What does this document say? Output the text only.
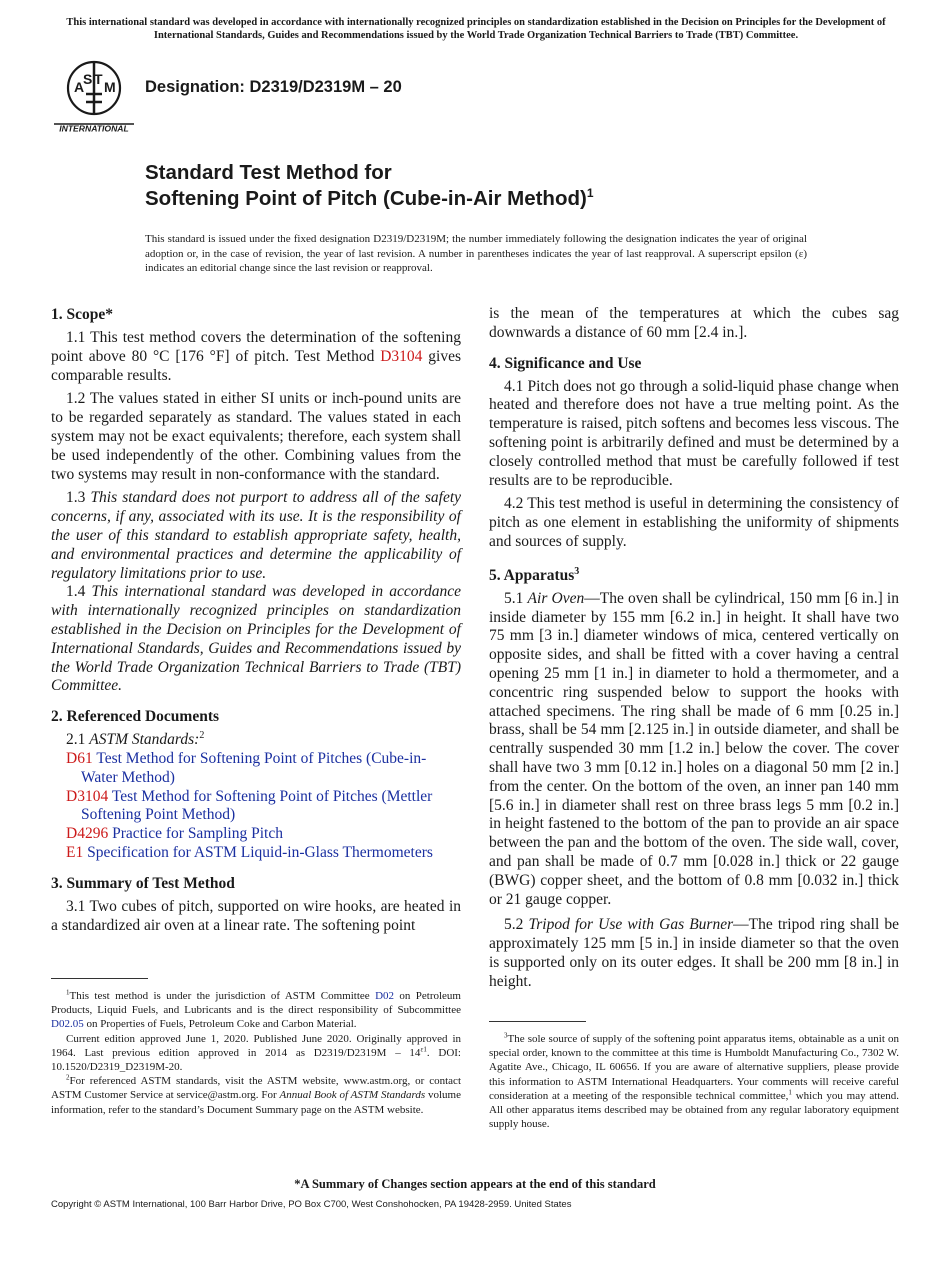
This international standard was developed in accordance with internationally recognized principles on standardization established in the Decision on Principles for the Development of International Standards, Guides and Recommendations issued by the World Trade Organization Technical Barriers to Trade (TBT) Committee.
A
S T M
INTERNATIONAL
Designation: D2319/D2319M – 20
Standard Test Method for
Softening Point of Pitch (Cube-in-Air Method)$^1$
This standard is issued under the fixed designation D2319/D2319M; the number immediately following the designation indicates the year of original adoption or, in the case of revision, the year of last revision. A number in parentheses indicates the year of last reapproval. A superscript epsilon (ε) indicates an editorial change since the last revision or reapproval.
1. Scope*

1.1 This test method covers the determination of the softening point above 80 °C [176 °F] of pitch. Test Method D3104 gives comparable results.

1.2 The values stated in either SI units or inch-pound units are to be regarded separately as standard. The values stated in each system may not be exact equivalents; therefore, each system shall be used independently of the other. Combining values from the two systems may result in non-conformance with the standard.

1.3 This standard does not purport to address all of the safety concerns, if any, associated with its use. It is the responsibility of the user of this standard to establish appropriate safety, health, and environmental practices and determine the applicability of regulatory limitations prior to use.

1.4 This international standard was developed in accordance with internationally recognized principles on standardization established in the Decision on Principles for the Development of International Standards, Guides and Recommendations issued by the World Trade Organization Technical Barriers to Trade (TBT) Committee.

2. Referenced Documents

2.1 ASTM Standards:$^2$

D61 Test Method for Softening Point of Pitches (Cube-in-Water Method)
D3104 Test Method for Softening Point of Pitches (Mettler Softening Point Method)
D4296 Practice for Sampling Pitch
E1 Specification for ASTM Liquid-in-Glass Thermometers
3. Summary of Test Method

3.1 Two cubes of pitch, supported on wire hooks, are heated in a standardized air oven at a linear rate. The softening point

is the mean of the temperatures at which the cubes sag downwards a distance of 60 mm [2.4 in.].

4. Significance and Use

4.1 Pitch does not go through a solid-liquid phase change when heated and therefore does not have a true melting point. As the temperature is raised, pitch softens and becomes less viscous. The softening point is arbitrarily defined and must be determined by a closely controlled method that must be carefully followed if test results are to be reproducible.

4.2 This test method is useful in determining the consistency of pitch as one element in establishing the uniformity of shipments and sources of supply.

5. Apparatus$^3$

5.1 Air Oven—The oven shall be cylindrical, 150 mm [6 in.] in inside diameter by 155 mm [6.2 in.] in height. It shall have two 75 mm [3 in.] diameter windows of mica, centered vertically on opposite sides, and shall be fitted with a cover having a central opening 25 mm [1 in.] in diameter to hold a thermometer, and a concentric ring suspended below to support the hooks with attached specimens. The ring shall be made of 6 mm [0.25 in.] brass, shall be 54 mm [2.125 in.] in outside diameter, and shall be centrally suspended 30 mm [1.2 in.] below the cover. The cover shall have two 3 mm [0.12 in.] holes on a diagonal 50 mm [2 in.] from the center. On the bottom of the oven, an inner pan 140 mm [5.6 in.] in diameter shall rest on three brass legs 5 mm [0.2 in.] in height fastened to the bottom of the pan to provide an air space between the pan and the bottom of the oven. The side wall, cover, and pan shall be made of 0.7 mm [0.028 in.] thick or 22 gauge (BWG) copper sheet, and the bottom of 0.8 mm [0.032 in.] thick or 21 gauge copper.

5.2 Tripod for Use with Gas Burner—The tripod ring shall be approximately 125 mm [5 in.] in inside diameter so that the oven is supported only on its outer edges. It shall be 200 mm [8 in.] in height.

$^1$This test method is under the jurisdiction of ASTM Committee D02 on Petroleum Products, Liquid Fuels, and Lubricants and is the direct responsibility of Subcommittee D02.05 on Properties of Fuels, Petroleum Coke and Carbon Material.

Current edition approved June 1, 2020. Published June 2020. Originally approved in 1964. Last previous edition approved in 2014 as $D2319/D2319M - 14^{\varepsilon 1}$. DOI: 10.1520/D2319_D2319M-20.

$^2$For referenced ASTM standards, visit the ASTM website, www.astm.org, or contact ASTM Customer Service at service@astm.org. For Annual Book of ASTM Standards volume information, refer to the standard’s Document Summary page on the ASTM website.

$^3$The sole source of supply of the softening point apparatus items, obtainable as a unit on special order, known to the committee at this time is Humboldt Manufacturing Co., 7302 W. Agatite Ave., Chicago, IL 60656. If you are aware of alternative suppliers, please provide this information to ASTM International Headquarters. Your comments will receive careful consideration at a meeting of the responsible technical committee,$^1$ which you may attend. All other apparatus items described may be obtained from any regular laboratory equipment supply house.

*A Summary of Changes section appears at the end of this standard
Copyright © ASTM International, 100 Barr Harbor Drive, PO Box C700, West Conshohocken, PA 19428-2959. United States
